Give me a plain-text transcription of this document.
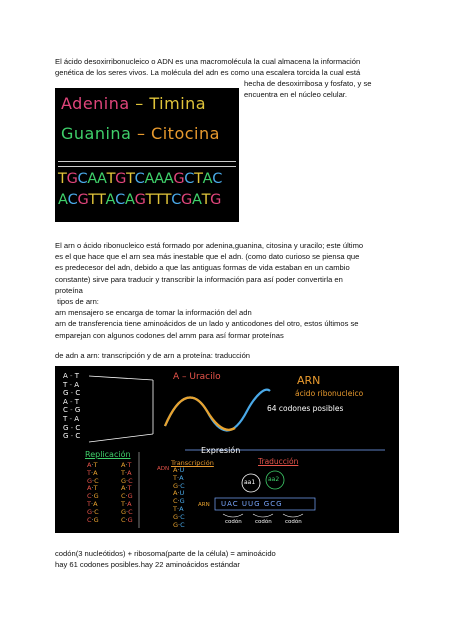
El ácido desoxirribonucleico o ADN es una macromolécula la cual almacena la información

genética de los seres vivos. La molécula del adn es como una escalera torcida la cual está

hecha de desoxirribosa y fosfato, y se

encuentra en el núcleo celular.

Adenina – Timina
Guanina – Citocina
TGCAATGTCAAAGCTAC
ACGTTACAGTTTCGATG

El arn o ácido ribonucleico está formado por adenina,guanina, citosina y uracilo; este último

es el que hace que el arn sea más inestable que el adn. (como dato curioso se piensa que

es predecesor del adn, debido a que las antiguas formas de vida estaban en un cambio

constante) sirve para traducir y transcribir la información para así poder convertirla en

proteína

tipos de arn:

arn mensajero se encarga de tomar la información del adn

arn de transferencia tiene aminoácidos de un lado y anticodones del otro, estos últimos se

emparejan con algunos codones del arnm para así formar proteínas

de adn a arn: transcripción y de arn a proteína: traducción

A - T
T - A
G - C
A - T
C - G
T - A
G - C
G - C
A – Uracilo	ARN
ácido ribonucleico
64 codones posibles
Replicación	Expresión
Transcripción	Traducción
A·T
T·A
G·C
A·T
C·G
T·A
G·C
C·G
A·T
T·A
G·C
A·T
C·G
T·A
G·C
C·G
A·U
T·A
G·C
A·U
C·G
T·A
G·C
G·C
ADN
ARN
aa1 aa2
UAC UUG GCG
codón codón codón

codón(3 nucleótidos) + ribosoma(parte de la célula) = aminoácido

hay 61 codones posibles.hay 22 aminoácidos estándar
